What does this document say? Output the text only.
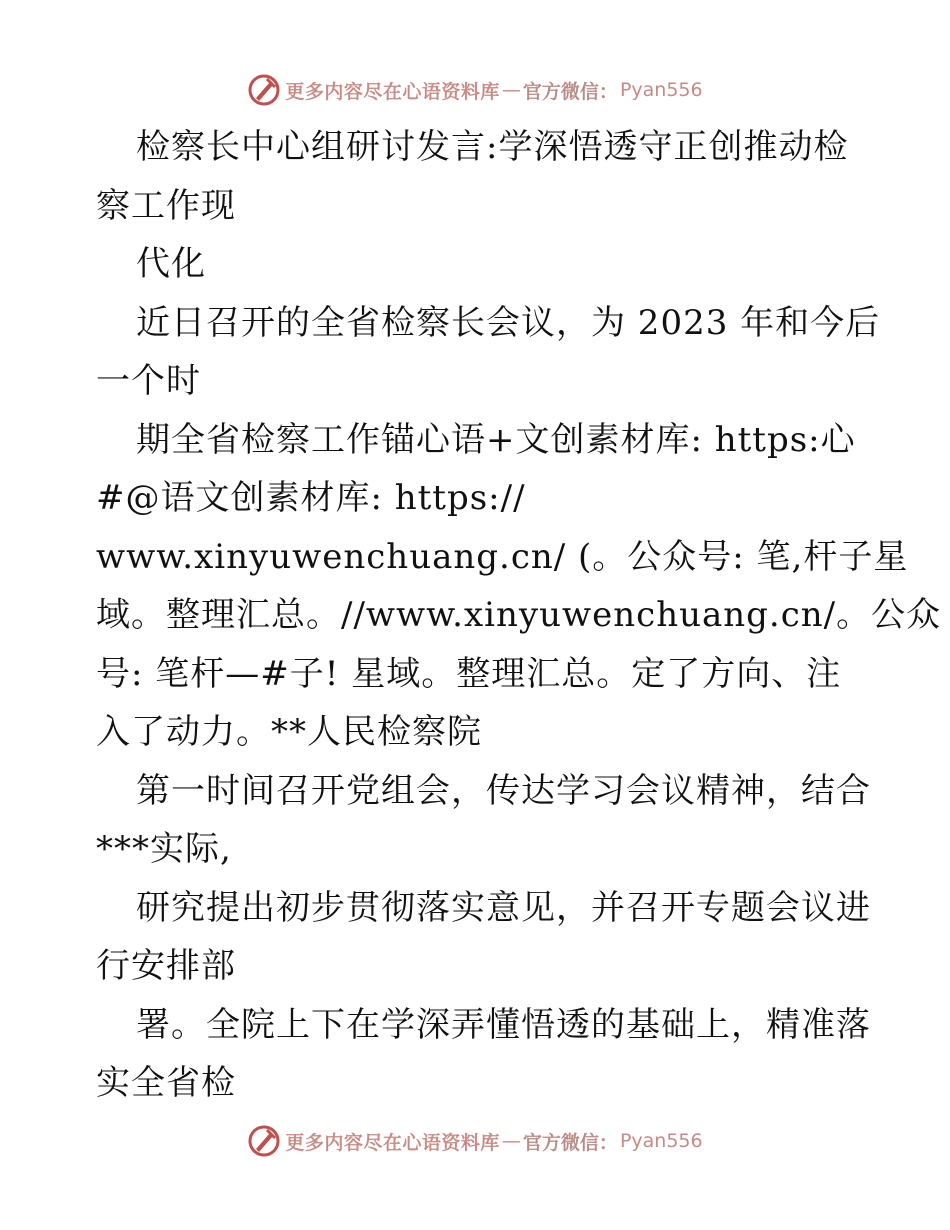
更多内容尽在心语资料库 — 官方微信： Pyan556
检察长中心组研讨发言:学深悟透守正创推动检
察工作现
代化
近日召开的全省检察长会议，为 2023 年和今后
一个时
期全省检察工作锚心语+文创素材库: https:心
#@语文创素材库: https://
www.xinyuwenchuang.cn/ (。公众号: 笔,杆子星
域。整理汇总。//www.xinyuwenchuang.cn/。公众
号: 笔杆—#子! 星域。整理汇总。定了方向、注
入了动力。**人民检察院
第一时间召开党组会，传达学习会议精神，结合
***实际,
研究提出初步贯彻落实意见，并召开专题会议进
行安排部
署。全院上下在学深弄懂悟透的基础上，精准落
实全省检
更多内容尽在心语资料库 — 官方微信： Pyan556
